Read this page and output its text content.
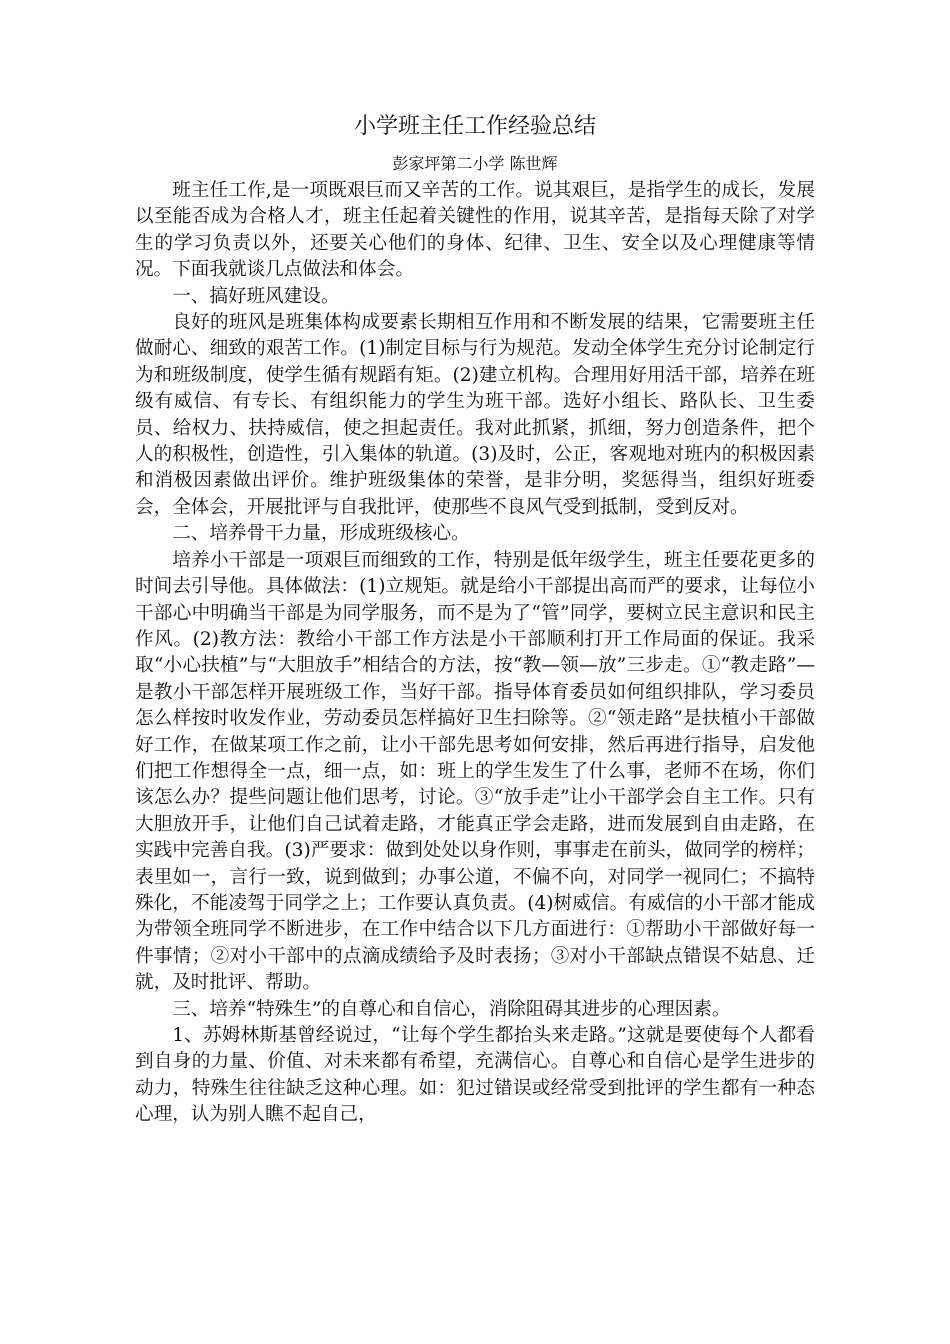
小学班主任工作经验总结
彭家坪第二小学 陈世辉

班主任工作,是一项既艰巨而又辛苦的工作。说其艰巨，是指学生的成长，发展以至能否成为合格人才，班主任起着关键性的作用，说其辛苦，是指每天除了对学生的学习负责以外，还要关心他们的身体、纪律、卫生、安全以及心理健康等情况。下面我就谈几点做法和体会。

一、搞好班风建设。

良好的班风是班集体构成要素长期相互作用和不断发展的结果，它需要班主任做耐心、细致的艰苦工作。(1)制定目标与行为规范。发动全体学生充分讨论制定行为和班级制度，使学生循有规蹈有矩。(2)建立机构。合理用好用活干部，培养在班级有威信、有专长、有组织能力的学生为班干部。选好小组长、路队长、卫生委员、给权力、扶持威信，使之担起责任。我对此抓紧，抓细，努力创造条件，把个人的积极性，创造性，引入集体的轨道。(3)及时，公正，客观地对班内的积极因素和消极因素做出评价。维护班级集体的荣誉，是非分明，奖惩得当，组织好班委会，全体会，开展批评与自我批评，使那些不良风气受到抵制，受到反对。

二、培养骨干力量，形成班级核心。

培养小干部是一项艰巨而细致的工作，特别是低年级学生，班主任要花更多的时间去引导他。具体做法：(1)立规矩。就是给小干部提出高而严的要求，让每位小干部心中明确当干部是为同学服务，而不是为了“管”同学，要树立民主意识和民主作风。(2)教方法：教给小干部工作方法是小干部顺利打开工作局面的保证。我采取“小心扶植”与“大胆放手”相结合的方法，按“教—领—放”三步走。①“教走路”—是教小干部怎样开展班级工作，当好干部。指导体育委员如何组织排队，学习委员怎么样按时收发作业，劳动委员怎样搞好卫生扫除等。②“领走路”是扶植小干部做好工作，在做某项工作之前，让小干部先思考如何安排，然后再进行指导，启发他们把工作想得全一点，细一点，如：班上的学生发生了什么事，老师不在场，你们该怎么办？提些问题让他们思考，讨论。③“放手走”让小干部学会自主工作。只有大胆放开手，让他们自己试着走路，才能真正学会走路，进而发展到自由走路，在实践中完善自我。(3)严要求：做到处处以身作则，事事走在前头，做同学的榜样；表里如一，言行一致，说到做到；办事公道，不偏不向，对同学一视同仁；不搞特殊化，不能凌驾于同学之上；工作要认真负责。(4)树威信。有威信的小干部才能成为带领全班同学不断进步，在工作中结合以下几方面进行：①帮助小干部做好每一件事情；②对小干部中的点滴成绩给予及时表扬；③对小干部缺点错误不姑息、迁就，及时批评、帮助。

三、培养“特殊生”的自尊心和自信心，消除阻碍其进步的心理因素。

1、苏姆林斯基曾经说过，“让每个学生都抬头来走路。”这就是要使每个人都看到自身的力量、价值、对未来都有希望，充满信心。自尊心和自信心是学生进步的动力，特殊生往往缺乏这种心理。如：犯过错误或经常受到批评的学生都有一种态心理，认为别人瞧不起自己，
